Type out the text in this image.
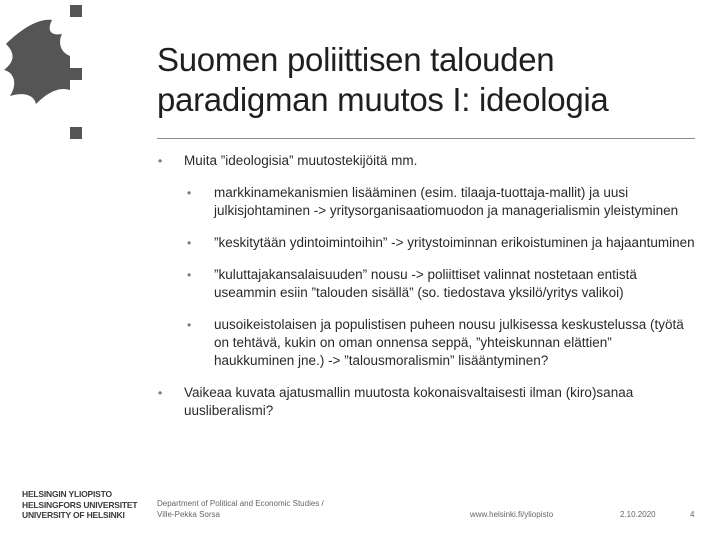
Suomen poliittisen talouden
paradigman muutos I: ideologia
• Muita ”ideologisia” muutostekijöitä mm.
• markkinamekanismien lisääminen (esim. tilaaja-tuottaja-mallit) ja uusi julkisjohtaminen -> yritysorganisaatiomuodon ja managerialismin yleistyminen
• ”keskitytään ydintoimintoihin” -> yritystoiminnan erikoistuminen ja hajaantuminen
• ”kuluttajakansalaisuuden” nousu -> poliittiset valinnat nostetaan entistä useammin esiin ”talouden sisällä” (so. tiedostava yksilö/yritys valikoi)
• uusoikeistolaisen ja populistisen puheen nousu julkisessa keskustelussa (työtä on tehtävä, kukin on oman onnensa seppä, ”yhteiskunnan elättien” haukkuminen jne.) -> ”talousmoralismin” lisääntyminen?
• Vaikeaa kuvata ajatusmallin muutosta kokonaisvaltaisesti ilman (kiro)sanaa uusliberalismi?
HELSINGIN YLIOPISTO
HELSINGFORS UNIVERSITET
UNIVERSITY OF HELSINKI
Department of Political and Economic Studies /
Ville-Pekka Sorsa	www.helsinki.fi/yliopisto	2.10.2020	4
